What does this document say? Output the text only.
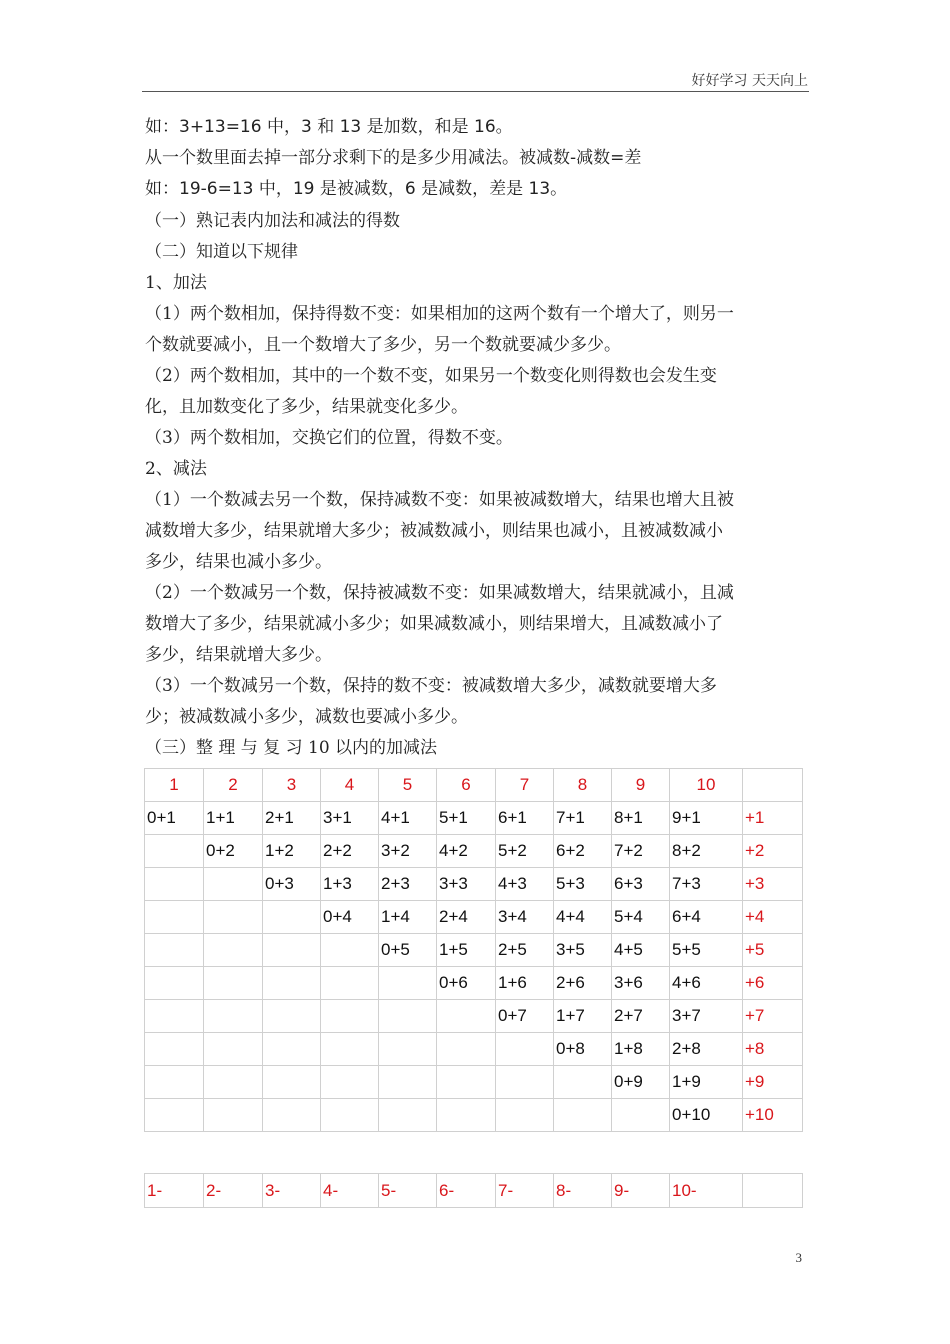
好好学习 天天向上
如：3+13=16 中，3 和 13 是加数，和是 16。
从一个数里面去掉一部分求剩下的是多少用减法。被减数-减数=差
如：19-6=13 中，19 是被减数，6 是减数，差是 13。
（一）熟记表内加法和减法的得数
（二）知道以下规律
1、加法
（1）两个数相加，保持得数不变：如果相加的这两个数有一个增大了，则另一
个数就要减小，且一个数增大了多少，另一个数就要减少多少。
（2）两个数相加，其中的一个数不变，如果另一个数变化则得数也会发生变
化，且加数变化了多少，结果就变化多少。
（3）两个数相加，交换它们的位置，得数不变。
2、减法
（1）一个数减去另一个数，保持减数不变：如果被减数增大，结果也增大且被
减数增大多少，结果就增大多少；被减数减小，则结果也减小，且被减数减小
多少，结果也减小多少。
（2）一个数减另一个数，保持被减数不变：如果减数增大，结果就减小，且减
数增大了多少，结果就减小多少；如果减数减小，则结果增大，且减数减小了
多少，结果就增大多少。
（3）一个数减另一个数，保持的数不变：被减数增大多少，减数就要增大多
少；被减数减小多少，减数也要减小多少。
（三）整 理 与 复 习 10 以内的加减法
1	2	3	4	5	6	7	8	9	10	
0+1	1+1	2+1	3+1	4+1	5+1	6+1	7+1	8+1	9+1	+1
	0+2	1+2	2+2	3+2	4+2	5+2	6+2	7+2	8+2	+2
		0+3	1+3	2+3	3+3	4+3	5+3	6+3	7+3	+3
			0+4	1+4	2+4	3+4	4+4	5+4	6+4	+4
				0+5	1+5	2+5	3+5	4+5	5+5	+5
					0+6	1+6	2+6	3+6	4+6	+6
						0+7	1+7	2+7	3+7	+7
							0+8	1+8	2+8	+8
								0+9	1+9	+9
									0+10	+10
1-	2-	3-	4-	5-	6-	7-	8-	9-	10-	
3
